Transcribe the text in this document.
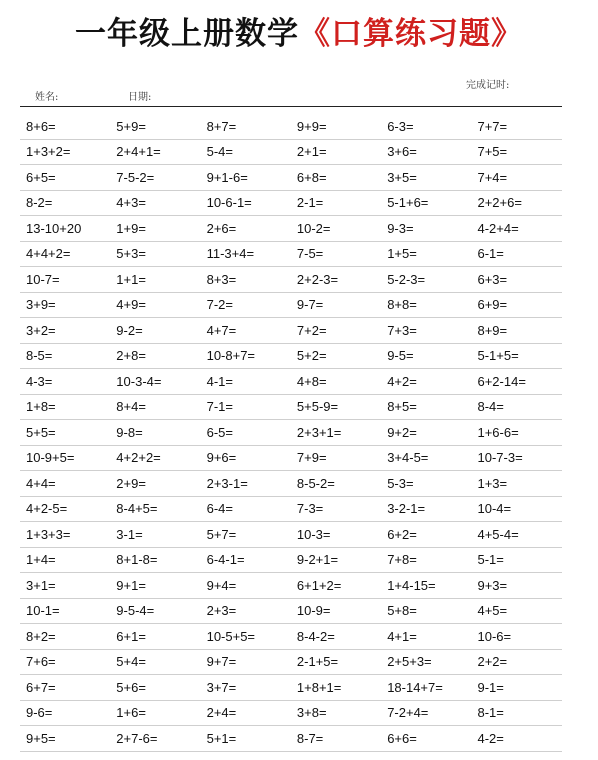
一年级上册数学《口算练习题》
完成记时:
姓名:	日期:
8+6=	5+9=	8+7=	9+9=	6-3=	7+7=
1+3+2=	2+4+1=	5-4=	2+1=	3+6=	7+5=
6+5=	7-5-2=	9+1-6=	6+8=	3+5=	7+4=
8-2=	4+3=	10-6-1=	2-1=	5-1+6=	2+2+6=
13-10+20	1+9=	2+6=	10-2=	9-3=	4-2+4=
4+4+2=	5+3=	11-3+4=	7-5=	1+5=	6-1=
10-7=	1+1=	8+3=	2+2-3=	5-2-3=	6+3=
3+9=	4+9=	7-2=	9-7=	8+8=	6+9=
3+2=	9-2=	4+7=	7+2=	7+3=	8+9=
8-5=	2+8=	10-8+7=	5+2=	9-5=	5-1+5=
4-3=	10-3-4=	4-1=	4+8=	4+2=	6+2-14=
1+8=	8+4=	7-1=	5+5-9=	8+5=	8-4=
5+5=	9-8=	6-5=	2+3+1=	9+2=	1+6-6=
10-9+5=	4+2+2=	9+6=	7+9=	3+4-5=	10-7-3=
4+4=	2+9=	2+3-1=	8-5-2=	5-3=	1+3=
4+2-5=	8-4+5=	6-4=	7-3=	3-2-1=	10-4=
1+3+3=	3-1=	5+7=	10-3=	6+2=	4+5-4=
1+4=	8+1-8=	6-4-1=	9-2+1=	7+8=	5-1=
3+1=	9+1=	9+4=	6+1+2=	1+4-15=	9+3=
10-1=	9-5-4=	2+3=	10-9=	5+8=	4+5=
8+2=	6+1=	10-5+5=	8-4-2=	4+1=	10-6=
7+6=	5+4=	9+7=	2-1+5=	2+5+3=	2+2=
6+7=	5+6=	3+7=	1+8+1=	18-14+7=	9-1=
9-6=	1+6=	2+4=	3+8=	7-2+4=	8-1=
9+5=	2+7-6=	5+1=	8-7=	6+6=	4-2=
